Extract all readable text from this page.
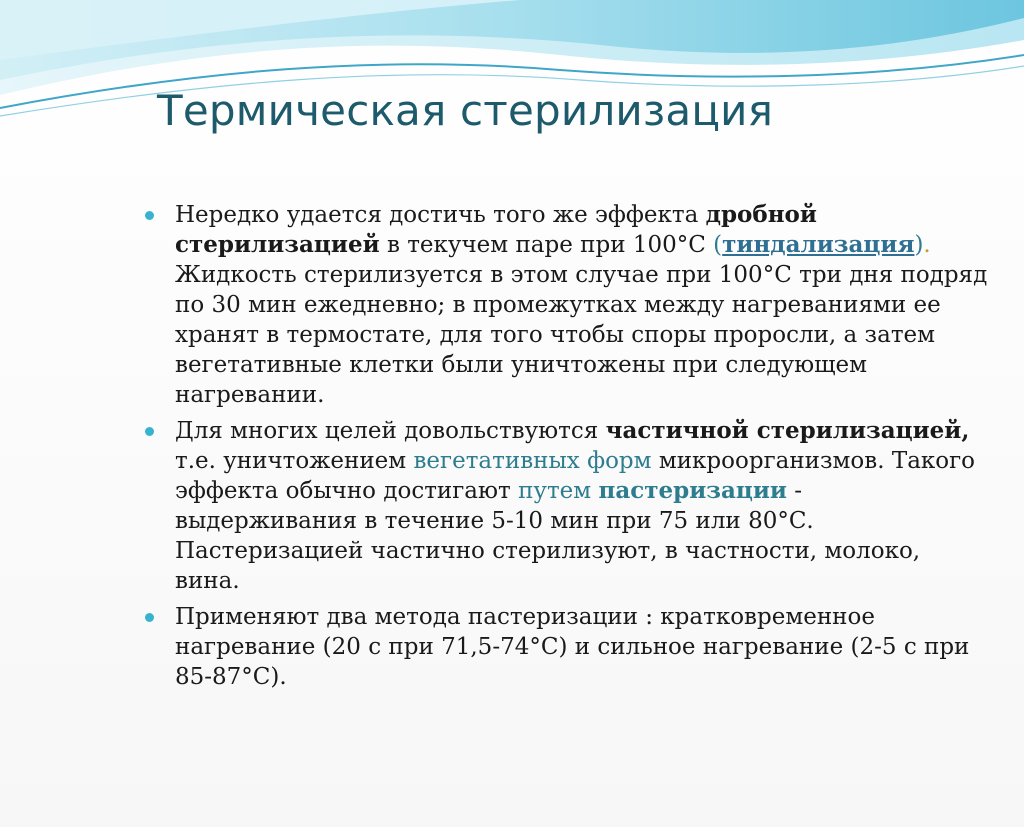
Термическая стерилизация
Нередко удается достичь того же эффекта дробной стерилизацией в текучем паре при 100°С (тиндализация). Жидкость стерилизуется в этом случае при 100°С три дня подряд по 30 мин ежедневно; в промежутках между нагреваниями ее хранят в термостате, для того чтобы споры проросли, а затем вегетативные клетки были уничтожены при следующем нагревании.
Для многих целей довольствуются частичной стерилизацией, т.е. уничтожением вегетативных форм микроорганизмов. Такого эффекта обычно достигают путем пастеризации - выдерживания в течение 5-10 мин при 75 или 80°С. Пастеризацией частично стерилизуют, в частности, молоко, вина.
Применяют два метода пастеризации : кратковременное нагревание (20 с при 71,5-74°С) и сильное нагревание (2-5 с при 85-87°С).
